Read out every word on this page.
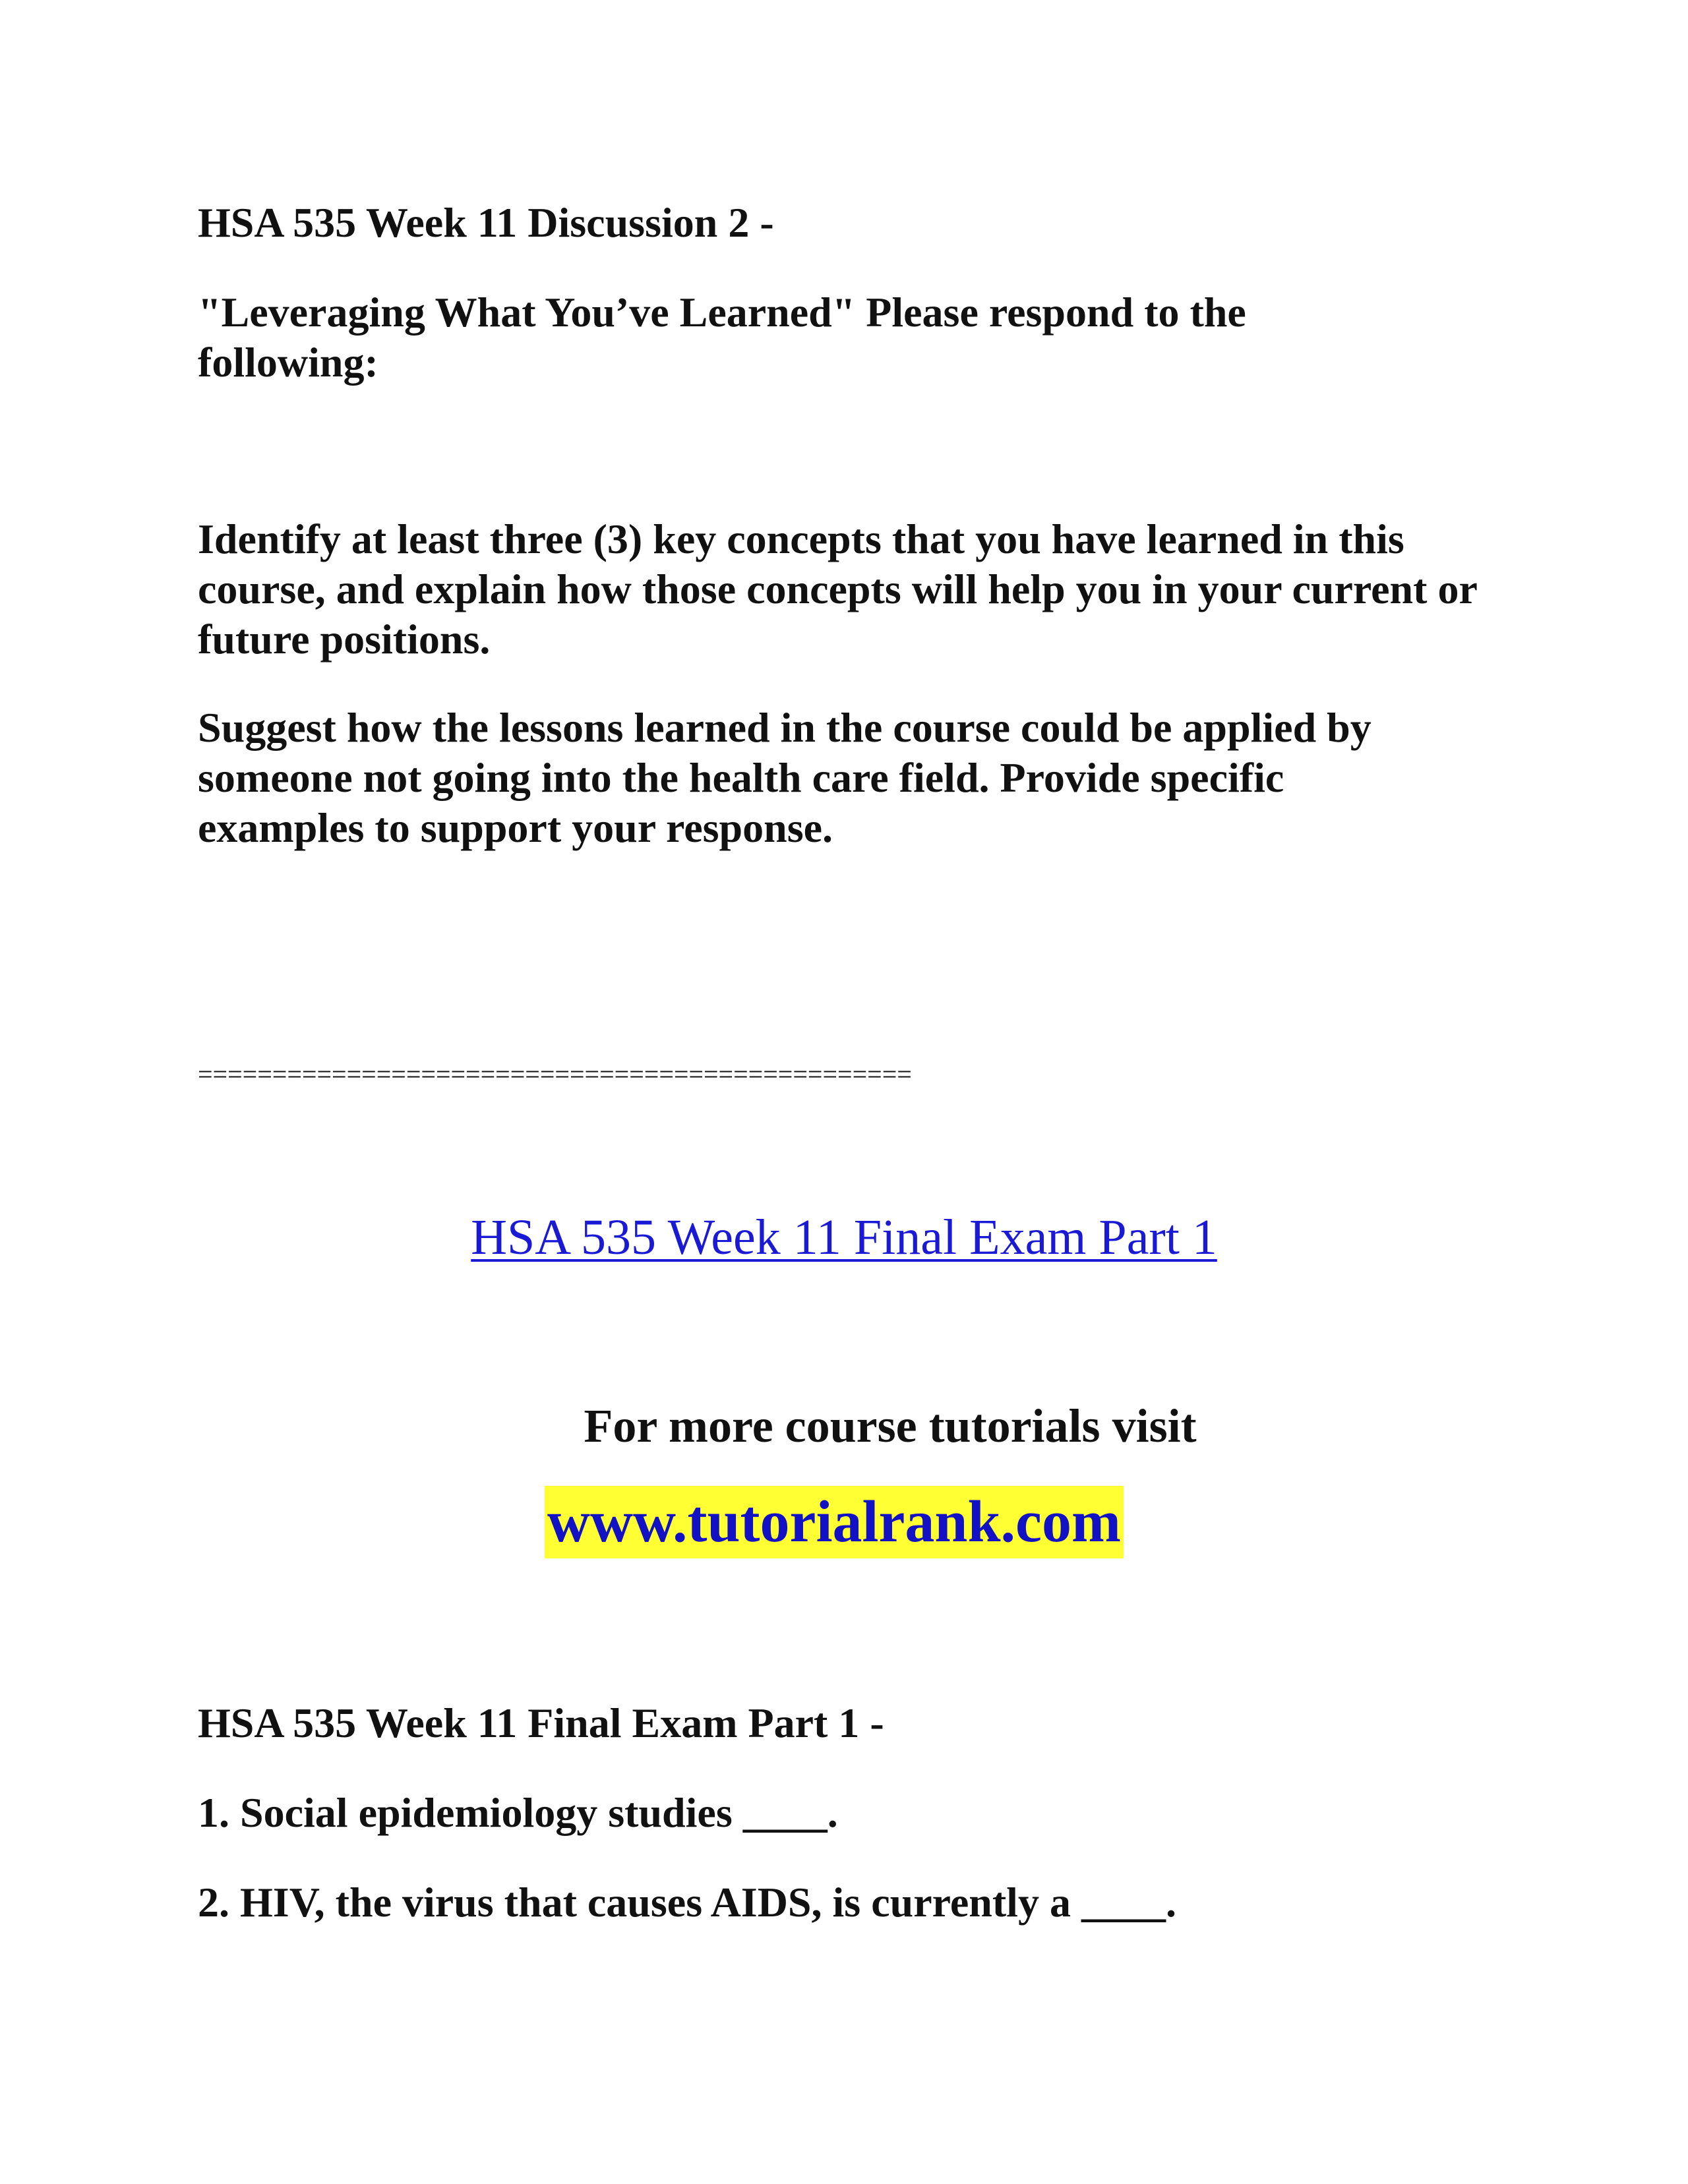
HSA 535 Week 11 Discussion 2 -

"Leveraging What You’ve Learned" Please respond to the following:

Identify at least three (3) key concepts that you have learned in this course, and explain how those concepts will help you in your current or future positions.

Suggest how the lessons learned in the course could be applied by someone not going into the health care field. Provide specific examples to support your response.

================================================
HSA 535 Week 11 Final Exam Part 1
For more course tutorials visit
www.tutorialrank.com

HSA 535 Week 11 Final Exam Part 1 -

1. Social epidemiology studies ____.

2. HIV, the virus that causes AIDS, is currently a ____.
